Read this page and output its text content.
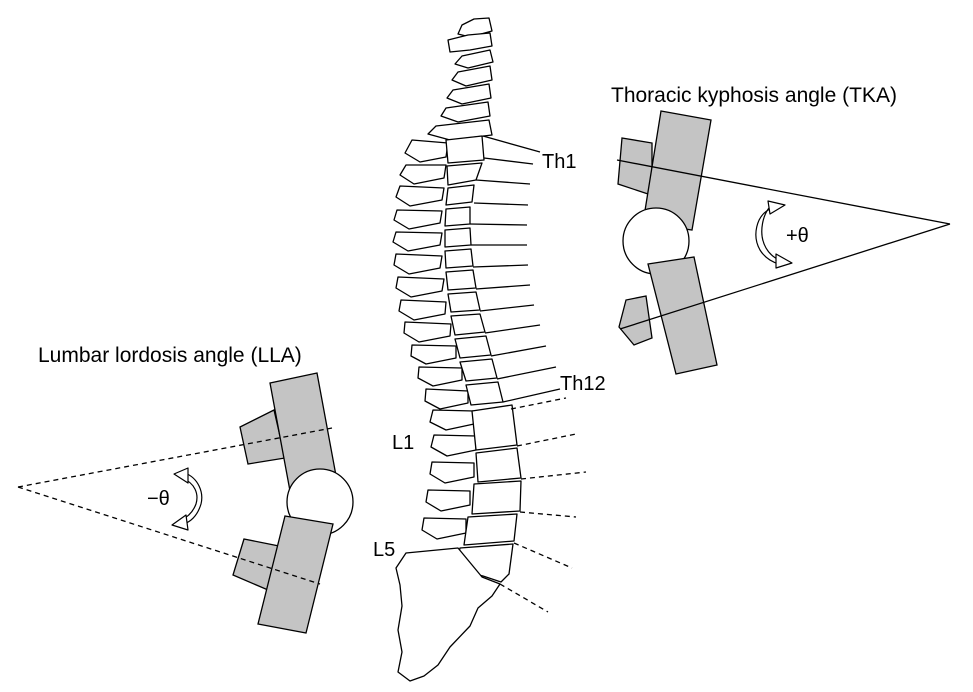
Th1
Th12
L1
L5
Thoracic kyphosis angle (TKA)
+θ
Lumbar lordosis angle (LLA)
−θ
